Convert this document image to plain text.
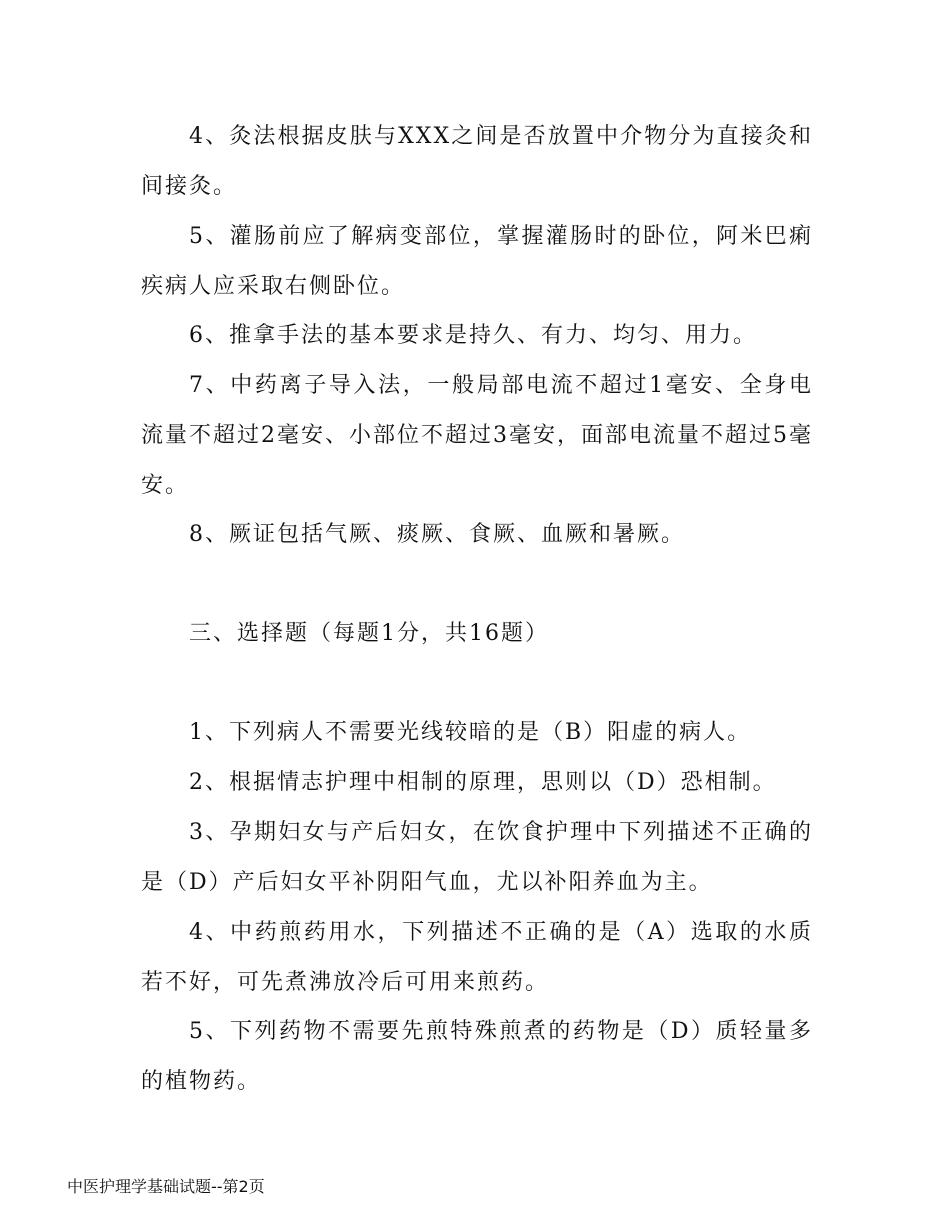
4、灸法根据皮肤与XXX之间是否放置中介物分为直接灸和间接灸。
5、灌肠前应了解病变部位，掌握灌肠时的卧位，阿米巴痢疾病人应采取右侧卧位。
6、推拿手法的基本要求是持久、有力、均匀、用力。
7、中药离子导入法，一般局部电流不超过1毫安、全身电流量不超过2毫安、小部位不超过3毫安，面部电流量不超过5毫安。
8、厥证包括气厥、痰厥、食厥、血厥和暑厥。
三、选择题（每题1分，共16题）
1、下列病人不需要光线较暗的是（B）阳虚的病人。
2、根据情志护理中相制的原理，思则以（D）恐相制。
3、孕期妇女与产后妇女，在饮食护理中下列描述不正确的是（D）产后妇女平补阴阳气血，尤以补阳养血为主。
4、中药煎药用水，下列描述不正确的是（A）选取的水质若不好，可先煮沸放冷后可用来煎药。
5、下列药物不需要先煎特殊煎煮的药物是（D）质轻量多的植物药。
中医护理学基础试题--第2页
